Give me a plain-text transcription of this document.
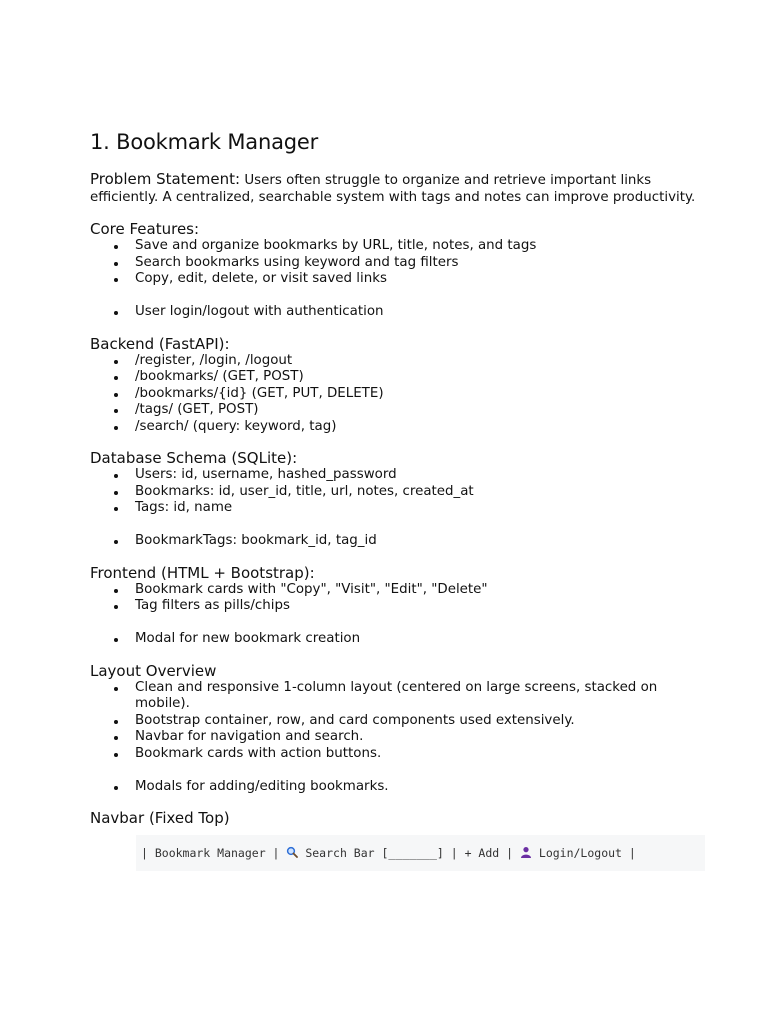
1. Bookmark Manager

Problem Statement: Users often struggle to organize and retrieve important links efficiently. A centralized, searchable system with tags and notes can improve productivity.

Core Features:
Save and organize bookmarks by URL, title, notes, and tags
Search bookmarks using keyword and tag filters
Copy, edit, delete, or visit saved links
User login/logout with authentication
Backend (FastAPI):
/register, /login, /logout
/bookmarks/ (GET, POST)
/bookmarks/{id} (GET, PUT, DELETE)
/tags/ (GET, POST)
/search/ (query: keyword, tag)
Database Schema (SQLite):
Users: id, username, hashed_password
Bookmarks: id, user_id, title, url, notes, created_at
Tags: id, name
BookmarkTags: bookmark_id, tag_id
Frontend (HTML + Bootstrap):
Bookmark cards with "Copy", "Visit", "Edit", "Delete"
Tag filters as pills/chips
Modal for new bookmark creation
Layout Overview
Clean and responsive 1-column layout (centered on large screens, stacked on mobile).
Bootstrap container, row, and card components used extensively.
Navbar for navigation and search.
Bookmark cards with action buttons.
Modals for adding/editing bookmarks.
Navbar (Fixed Top)
| Bookmark Manager | Search Bar [_______] | + Add | Login/Logout |
